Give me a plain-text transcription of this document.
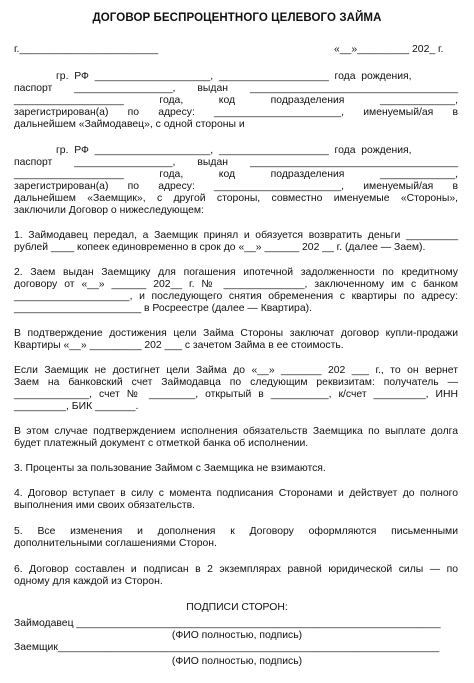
ДОГОВОР БЕСПРОЦЕНТНОГО ЦЕЛЕВОГО ЗАЙМА
г.________________________	«__»_________ 202_ г.
гр.  РФ  ____________________,  ___________________  года  рождения,
паспорт _________________, выдан ____________________________________
___________________ года, код подразделения _____________,
зарегистрирован(а) по адресу: ______________________, именуемый/ая в
дальнейшем «Займодавец», с одной стороны и
гр.  РФ  ____________________,  ___________________  года  рождения,
паспорт _________________, выдан ____________________________________
___________________ года, код подразделения _____________,
зарегистрирован(а) по адресу: ______________________, именуемый/ая в
дальнейшем «Заемщик», с другой стороны, совместно именуемые «Стороны»,
заключили Договор о нижеследующем:
1. Займодавец передал, а Заемщик принял и обязуется возвратить деньги _________
рублей ____ копеек единовременно в срок до «__» ______ 202 __ г. (далее — Заем).
2. Заем выдан Заемщику для погашения ипотечной задолженности по кредитному
договору от «__» ______ 202__ г. № ______________, заключенному им с банком
____________________, и последующего снятия обременения с квартиры по адресу:
______________________ в Росреестре (далее — Квартира).
В подтверждение достижения цели Займа Стороны заключат договор купли-продажи
Квартиры «__» _________ 202 ___ с зачетом Займа в ее стоимость.
Если Заемщик не достигнет цели Займа до «__» _______ 202 ___ г., то он вернет
Заем на банковский счет Займодавца по следующим реквизитам: получатель —
_____________, счет № ________, открытый в __________, к/счет _________, ИНН
_________, БИК _______.
В этом случае подтверждением исполнения обязательств Заемщика по выплате долга
будет платежный документ с отметкой банка об исполнении.
3. Проценты за пользование Займом с Заемщика не взимаются.
4. Договор вступает в силу с момента подписания Сторонами и действует до полного
выполнения ими своих обязательств.
5. Все изменения и дополнения к Договору оформляются письменными
дополнительными соглашениями Сторон.
6. Договор составлен и подписан в 2 экземплярах равной юридической силы — по
одному для каждой из Сторон.
ПОДПИСИ СТОРОН:
Займодавец _______________________________________________________________
(ФИО полностью, подпись)
Заемщик__________________________________________________________________
(ФИО полностью, подпись)
